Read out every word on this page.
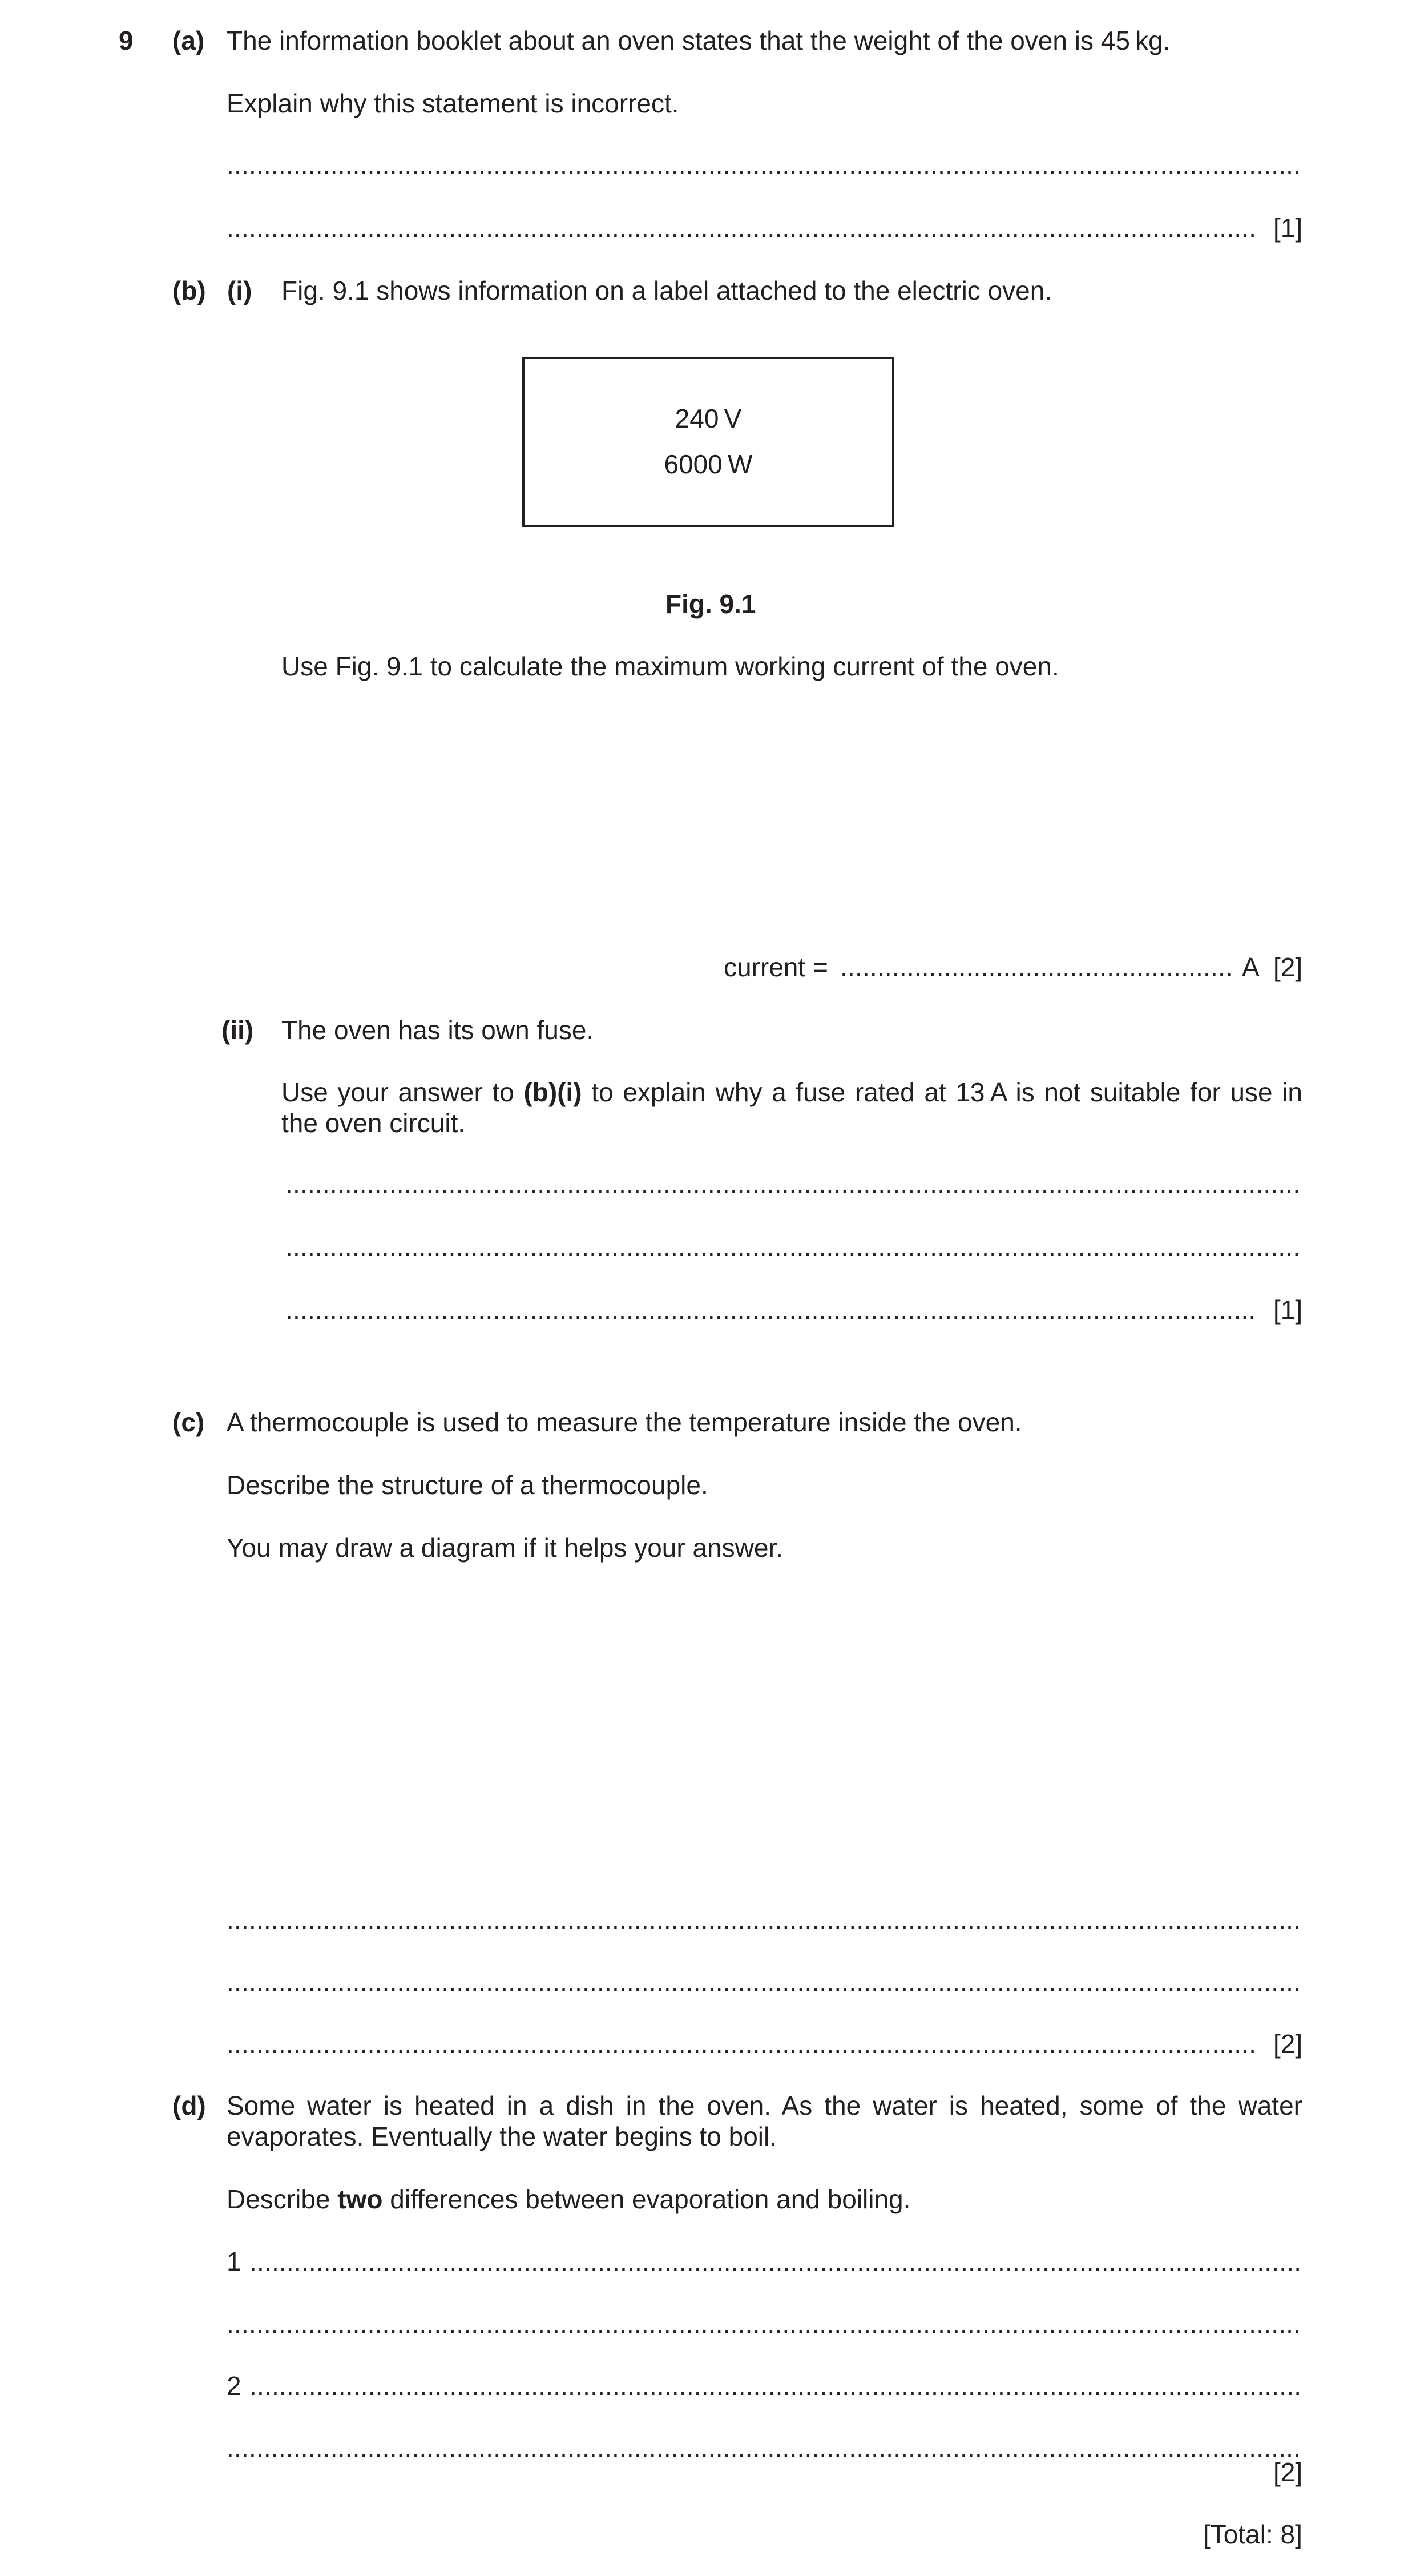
9 (a) The information booklet about an oven states that the weight of the oven is 45 kg.
Explain why this statement is incorrect.
.....
.....
[1]
(b) (i) Fig. 9.1 shows information on a label attached to the electric oven.
240 V
6000 W
Fig. 9.1
Use Fig. 9.1 to calculate the maximum working current of the oven.
current =
.....	A [2]
(ii) The oven has its own fuse.
Use your answer to (b)(i) to explain why a fuse rated at 13 A is not suitable for use in the oven circuit.
.....
.....
.....
[1]
(c) A thermocouple is used to measure the temperature inside the oven.
Describe the structure of a thermocouple.
You may draw a diagram if it helps your answer.
.....
.....
.....
[2]
(d) Some water is heated in a dish in the oven. As the water is heated, some of the water evaporates. Eventually the water begins to boil.
Describe two differences between evaporation and boiling.
1
.....
.....
2
.....
.....
[2]
[Total: 8]
